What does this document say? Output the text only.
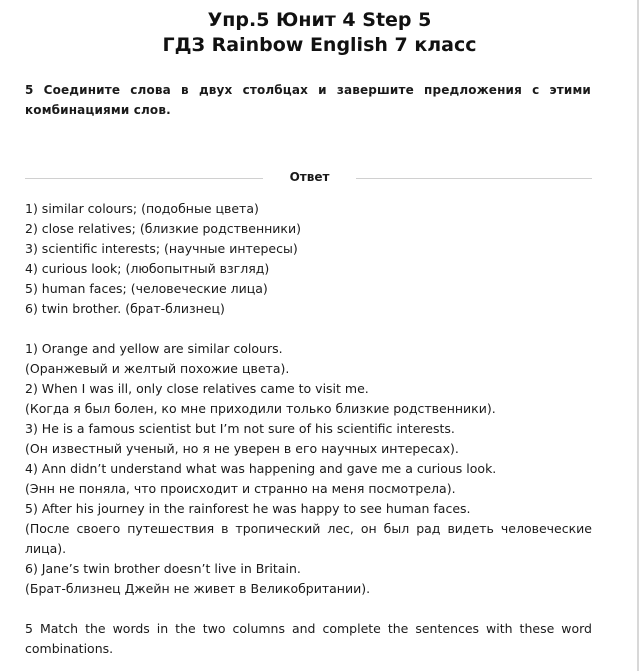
Упр.5 Юнит 4 Step 5
ГДЗ Rainbow English 7 класс
5 Соедините слова в двух столбцах и завершите предложения с этими комбинациями слов.
Ответ
1) similar colours; (подобные цвета)
2) close relatives; (близкие родственники)
3) scientific interests; (научные интересы)
4) curious look; (любопытный взгляд)
5) human faces; (человеческие лица)
6) twin brother. (брат-близнец)
1) Orange and yellow are similar colours.
(Оранжевый и желтый похожие цвета).
2) When I was ill, only close relatives came to visit me.
(Когда я был болен, ко мне приходили только близкие родственники).
3) He is a famous scientist but I’m not sure of his scientific interests.
(Он известный ученый, но я не уверен в его научных интересах).
4) Ann didn’t understand what was happening and gave me a curious look.
(Энн не поняла, что происходит и странно на меня посмотрела).
5) After his journey in the rainforest he was happy to see human faces.
(После своего путешествия в тропический лес, он был рад видеть человеческие лица).
6) Jane’s twin brother doesn’t live in Britain.
(Брат-близнец Джейн не живет в Великобритании).
5 Match the words in the two columns and complete the sentences with these word combinations.
